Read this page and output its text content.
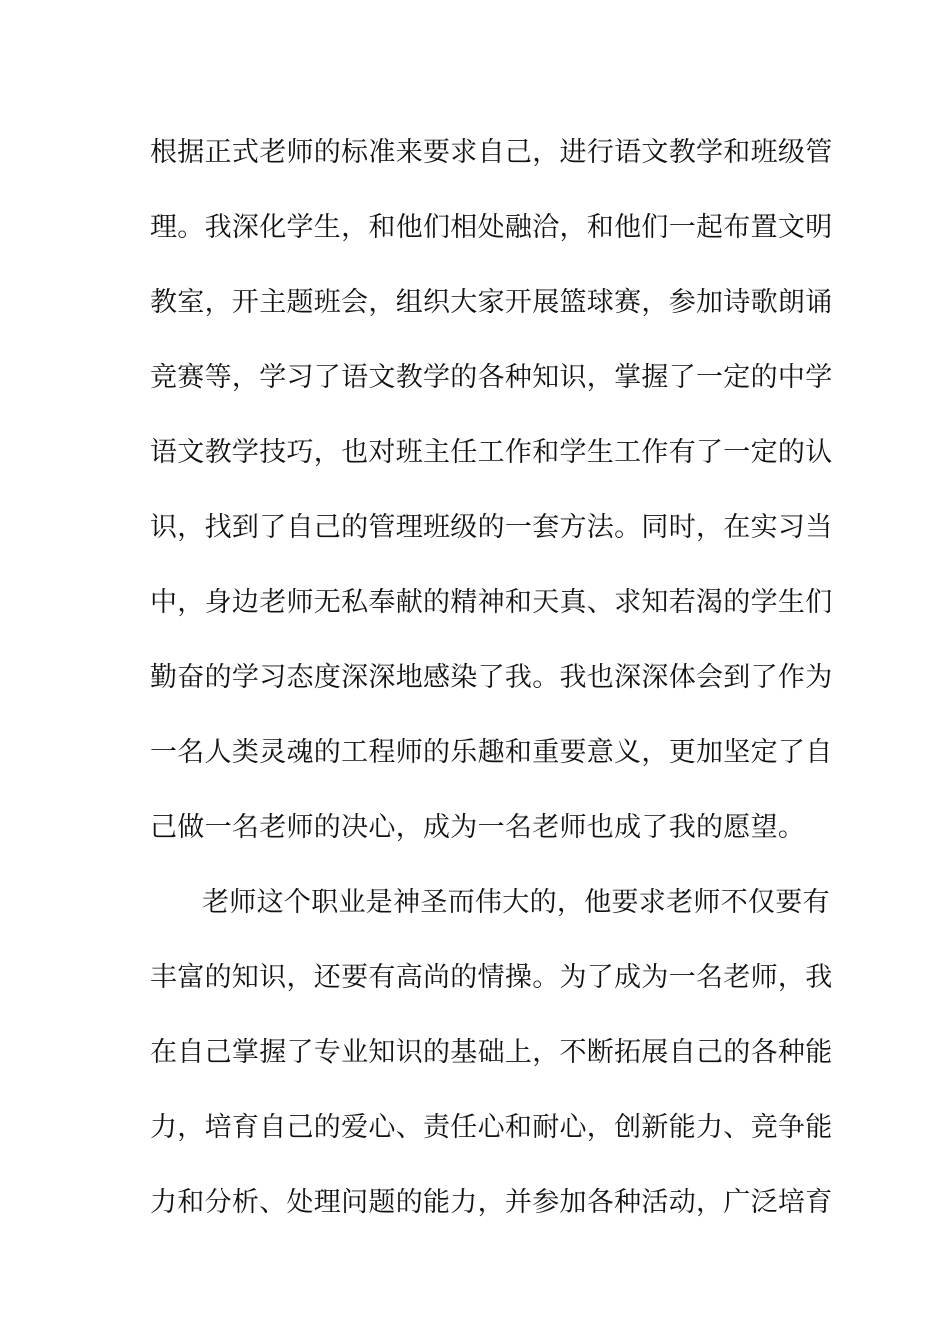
根据正式老师的标准来要求自己，进行语文教学和班级管
理。我深化学生，和他们相处融洽，和他们一起布置文明
教室，开主题班会，组织大家开展篮球赛，参加诗歌朗诵
竞赛等，学习了语文教学的各种知识，掌握了一定的中学
语文教学技巧，也对班主任工作和学生工作有了一定的认
识，找到了自己的管理班级的一套方法。同时，在实习当
中，身边老师无私奉献的精神和天真、求知若渴的学生们
勤奋的学习态度深深地感染了我。我也深深体会到了作为
一名人类灵魂的工程师的乐趣和重要意义，更加坚定了自
己做一名老师的决心，成为一名老师也成了我的愿望。
老师这个职业是神圣而伟大的，他要求老师不仅要有
丰富的知识，还要有高尚的情操。为了成为一名老师，我
在自己掌握了专业知识的基础上，不断拓展自己的各种能
力，培育自己的爱心、责任心和耐心，创新能力、竞争能
力和分析、处理问题的能力，并参加各种活动，广泛培育
